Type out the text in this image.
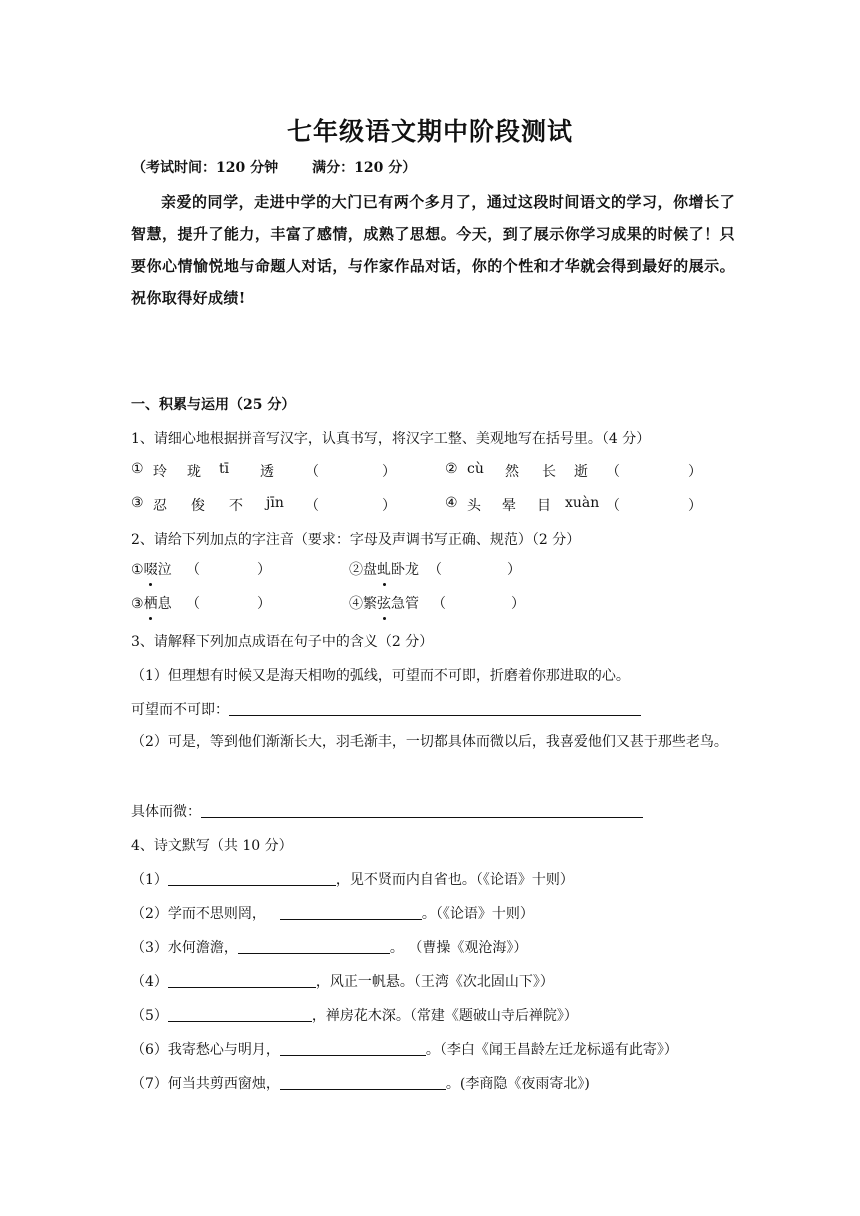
七年级语文期中阶段测试
（考试时间：120 分钟 满分：120 分）
亲爱的同学，走进中学的大门已有两个多月了，通过这段时间语文的学习，你增长了智慧，提升了能力，丰富了感情，成熟了思想。今天，到了展示你学习成果的时候了！只要你心情愉悦地与命题人对话，与作家作品对话，你的个性和才华就会得到最好的展示。祝你取得好成绩!
一、积累与运用（25 分）
1、请细心地根据拼音写汉字，认真书写，将汉字工整、美观地写在括号里。（4 分）
① 玲 珑 tī 透 （	）	② cù 然 长 逝 （	）
③ 忍 俊 不 jīn （	）	④ 头 晕 目 xuàn （	）
2、请给下列加点的字注音（要求：字母及声调书写正确、规范）（2 分）
①啜泣 （	）	②盘虬卧龙 （	）
③栖息 （	）	④繁弦急管 （	）
3、请解释下列加点成语在句子中的含义（2 分）
（1）但理想有时候又是海天相吻的弧线，可望而不可即，折磨着你那进取的心。
可望而不可即：
（2）可是，等到他们渐渐长大，羽毛渐丰，一切都具体而微以后，我喜爱他们又甚于那些老鸟。
具体而微：
4、诗文默写（共 10 分）
（1）	，见不贤而内自省也。（《论语》十则）
（2）学而不思则罔，	。（《论语》十则）
（3）水何澹澹，	。 （曹操《观沧海》）
（4）	，风正一帆悬。（王湾《次北固山下》）
（5）	，禅房花木深。（常建《题破山寺后禅院》）
（6）我寄愁心与明月，	。（李白《闻王昌龄左迁龙标遥有此寄》）
（7）何当共剪西窗烛，	。(李商隐《夜雨寄北》)
